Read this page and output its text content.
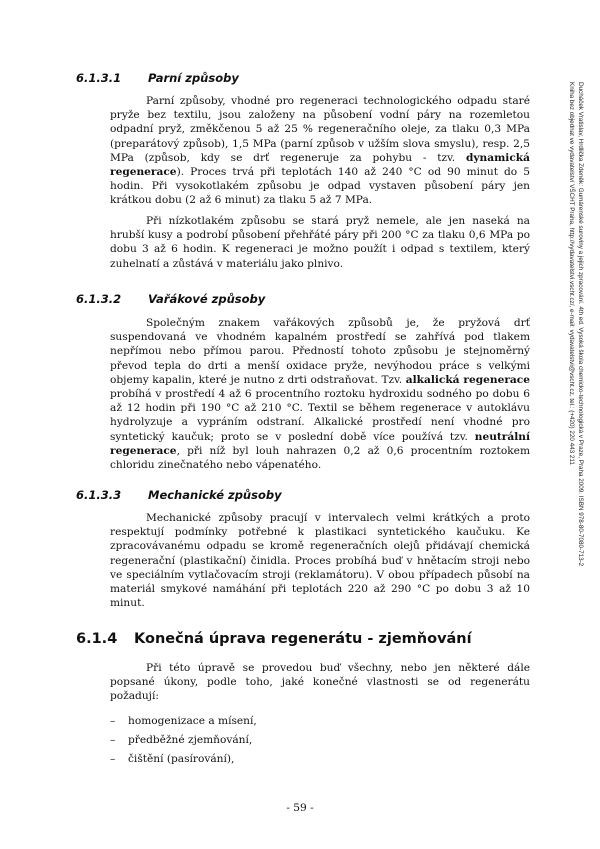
6.1.3.1 Parní způsoby
Parní způsoby, vhodné pro regeneraci technologického odpadu staré pryže bez textilu, jsou založeny na působení vodní páry na rozemletou odpadní pryž, změkčenou 5 až 25 % regeneračního oleje, za tlaku 0,3 MPa (preparátový způsob), 1,5 MPa (parní způsob v užším slova smyslu), resp. 2,5 MPa (způsob, kdy se drť regeneruje za pohybu - tzv. dynamická regenerace). Proces trvá při teplotách 140 až 240 °C od 90 minut do 5 hodin. Při vysokotlakém způsobu je odpad vystaven působení páry jen krátkou dobu (2 až 6 minut) za tlaku 5 až 7 MPa.
Při nízkotlakém způsobu se stará pryž nemele, ale jen naseká na hrubší kusy a podrobí působení přehřáté páry při 200 °C za tlaku 0,6 MPa po dobu 3 až 6 hodin. K regeneraci je možno použít i odpad s textilem, který zuhelnatí a zůstává v materiálu jako plnivo.
6.1.3.2 Vařákové způsoby
Společným znakem vařákových způsobů je, že pryžová drť suspendovaná ve vhodném kapalném prostředí se zahřívá pod tlakem nepřímou nebo přímou parou. Předností tohoto způsobu je stejnoměrný převod tepla do drti a menší oxidace pryže, nevýhodou práce s velkými objemy kapalin, které je nutno z drti odstraňovat. Tzv. alkalická regenerace probíhá v prostředí 4 až 6 procentního roztoku hydroxidu sodného po dobu 6 až 12 hodin při 190 °C až 210 °C. Textil se během regenerace v autoklávu hydrolyzuje a vypráním odstraní. Alkalické prostředí není vhodné pro syntetický kaučuk; proto se v poslední době více používá tzv. neutrální regenerace, při níž byl louh nahrazen 0,2 až 0,6 procentním roztokem chloridu zinečnatého nebo vápenatého.
6.1.3.3 Mechanické způsoby
Mechanické způsoby pracují v intervalech velmi krátkých a proto respektují podmínky potřebné k plastikaci syntetického kaučuku. Ke zpracovávanému odpadu se kromě regeneračních olejů přidávají chemická regenerační (plastikační) činidla. Proces probíhá buď v hnětacím stroji nebo ve speciálním vytlačovacím stroji (reklamátoru). V obou případech působí na materiál smykové namáhání při teplotách 220 až 290 °C po dobu 3 až 10 minut.
6.1.4 Konečná úprava regenerátu - zjemňování
Při této úpravě se provedou buď všechny, nebo jen některé dále popsané úkony, podle toho, jaké konečné vlastnosti se od regenerátu požadují:
– homogenizace a mísení,
– předběžné zjemňování,
– čištění (pasírování),
- 59 -
Ducháček Vratislav, Hrdlička Zdeněk: Gumárenské suroviny a jejich zpracování. 4th ed. Vysoká škola chemicko-technologická v Praze, Praha 2009. ISBN 978-80-7080-713-2
Kniha bez objednat ve vydavatelství VŠCHT Praha, http://vydavatelstvi.vscht.cz/, e-mail: vydavatelstvi@vscht.cz, tel.: (+420) 220 443 211
